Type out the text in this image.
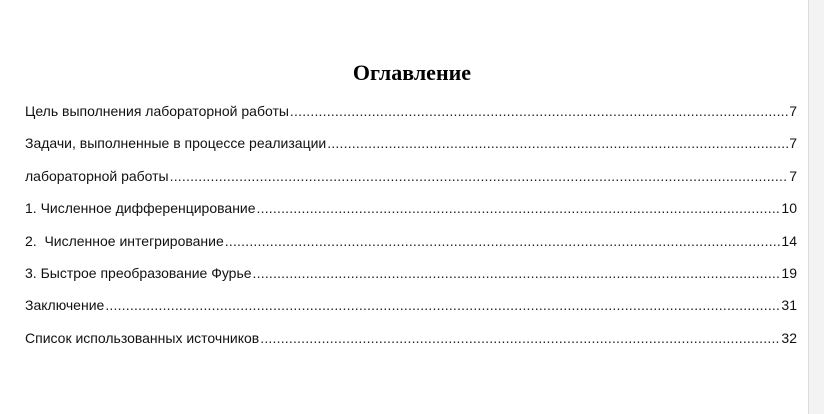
Оглавление
Цель выполнения лабораторной работы .....	7
Задачи, выполненные в процессе реализации .....	7
лабораторной работы .....	7
1. Численное дифференцирование .....	10
2.  Численное интегрирование .....	14
3. Быстрое преобразование Фурье .....	19
Заключение .....	31
Список использованных источников .....	32
